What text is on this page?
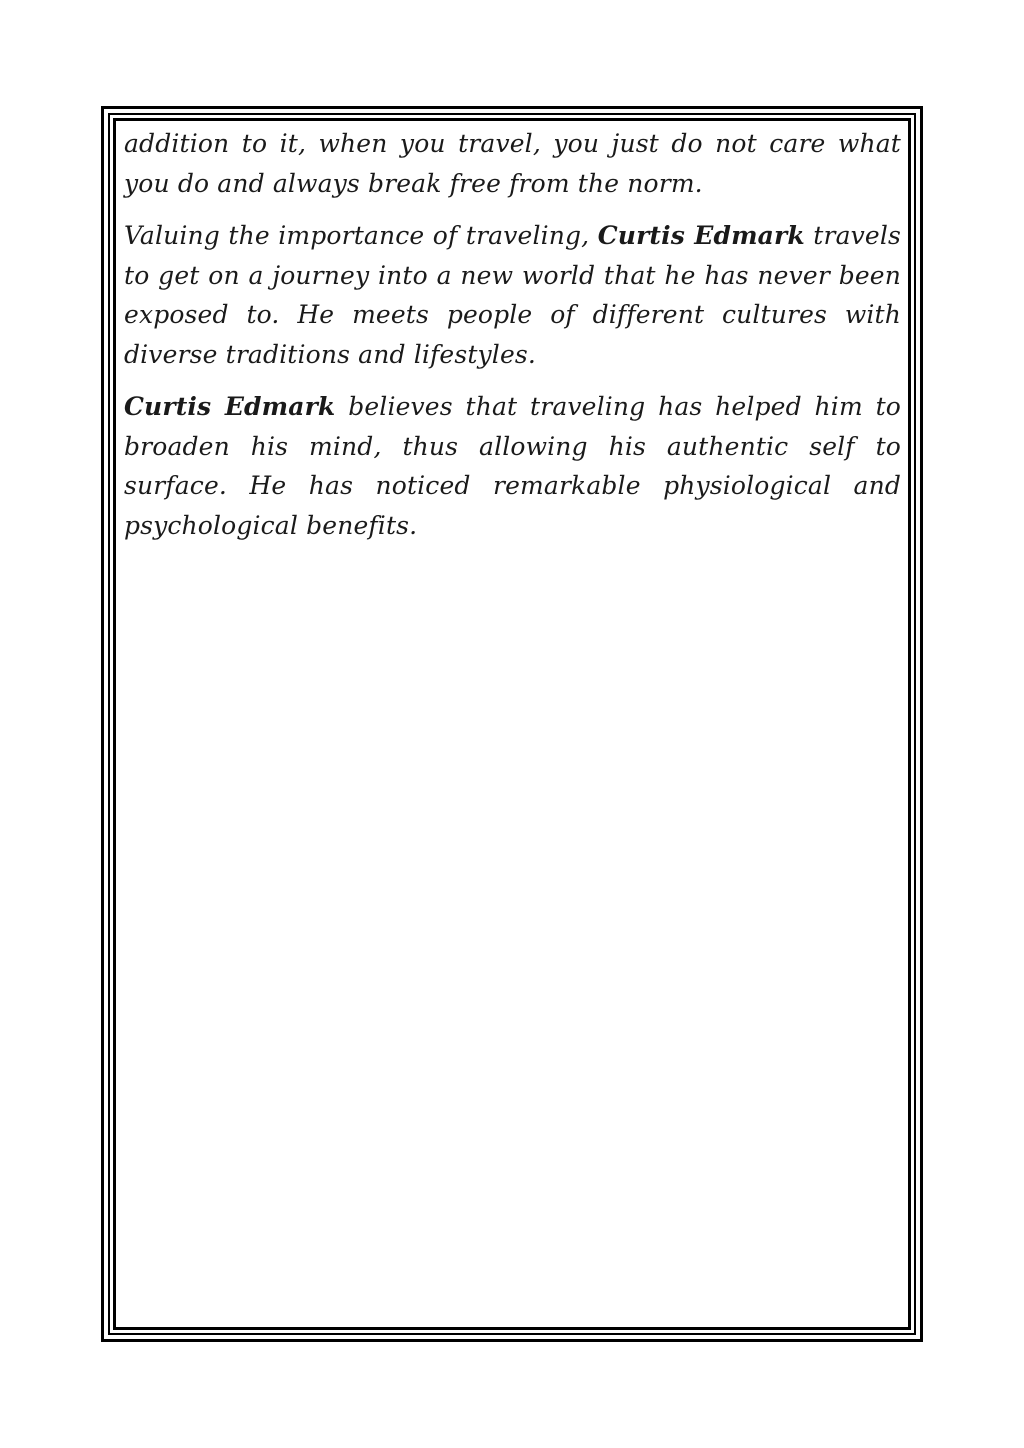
addition to it, when you travel, you just do not care what you do and always break free from the norm.

Valuing the importance of traveling, Curtis Edmark travels to get on a journey into a new world that he has never been exposed to. He meets people of different cultures with diverse traditions and lifestyles.

Curtis Edmark believes that traveling has helped him to broaden his mind, thus allowing his authentic self to surface. He has noticed remarkable physiological and psychological benefits.
